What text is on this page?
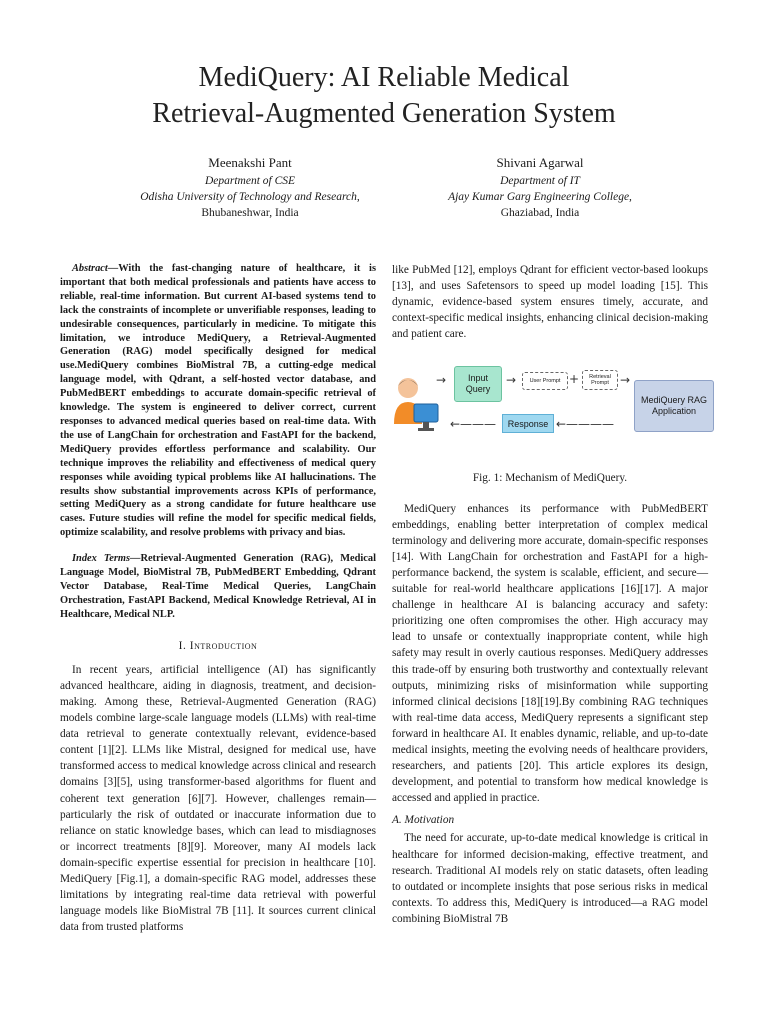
MediQuery: AI Reliable Medical
Retrieval-Augmented Generation System
Meenakshi Pant
Department of CSE
Odisha University of Technology and Research,
Bhubaneshwar, India
Shivani Agarwal
Department of IT
Ajay Kumar Garg Engineering College,
Ghaziabad, India

Abstract—With the fast-changing nature of healthcare, it is important that both medical professionals and patients have access to reliable, real-time information. But current AI-based systems tend to lack the constraints of incomplete or unverifiable responses, leading to undesirable consequences, particularly in medicine. To mitigate this limitation, we introduce MediQuery, a Retrieval-Augmented Generation (RAG) model specifically designed for medical use.MediQuery combines BioMistral 7B, a cutting-edge medical language model, with Qdrant, a self-hosted vector database, and PubMedBERT embeddings to accurate domain-specific retrieval of knowledge. The system is engineered to deliver correct, current responses to advanced medical queries based on real-time data. With the use of LangChain for orchestration and FastAPI for the backend, MediQuery provides effortless performance and scalability. Our technique improves the reliability and effectiveness of medical query responses while avoiding typical problems like AI hallucinations. The results show substantial improvements across KPIs of performance, setting MediQuery as a strong candidate for future healthcare use cases. Future studies will refine the model for specific medical fields, optimize scalability, and resolve problems with privacy and bias.

Index Terms—Retrieval-Augmented Generation (RAG), Medical Language Model, BioMistral 7B, PubMedBERT Embedding, Qdrant Vector Database, Real-Time Medical Queries, LangChain Orchestration, FastAPI Backend, Medical Knowledge Retrieval, AI in Healthcare, Medical NLP.

I. Introduction

In recent years, artificial intelligence (AI) has significantly advanced healthcare, aiding in diagnosis, treatment, and decision-making. Among these, Retrieval-Augmented Generation (RAG) models combine large-scale language models (LLMs) with real-time data retrieval to generate contextually relevant, evidence-based content [1][2]. LLMs like Mistral, designed for medical use, have transformed access to medical knowledge across clinical and research domains [3][5], using transformer-based algorithms for fluent and coherent text generation [6][7]. However, challenges remain—particularly the risk of outdated or inaccurate information due to reliance on static knowledge bases, which can lead to misdiagnoses or incorrect treatments [8][9]. Moreover, many AI models lack domain-specific expertise essential for precision in healthcare [10]. MediQuery [Fig.1], a domain-specific RAG model, addresses these limitations by integrating real-time data retrieval with powerful language models like BioMistral 7B [11]. It sources current clinical data from trusted platforms

like PubMed [12], employs Qdrant for efficient vector-based lookups [13], and uses Safetensors to speed up model loading [15]. This dynamic, evidence-based system ensures timely, accurate, and context-specific medical insights, enhancing clinical decision-making and patient care.

→	Input Query
→	User Prompt +	Retrieval Prompt →
MediQuery RAG Application
←———	Response ←————
Fig. 1: Mechanism of MediQuery.

MediQuery enhances its performance with PubMedBERT embeddings, enabling better interpretation of complex medical terminology and delivering more accurate, domain-specific responses [14]. With LangChain for orchestration and FastAPI for a high-performance backend, the system is scalable, efficient, and secure—suitable for real-world healthcare applications [16][17]. A major challenge in healthcare AI is balancing accuracy and safety: prioritizing one often compromises the other. High accuracy may lead to unsafe or contextually inappropriate content, while high safety may result in overly cautious responses. MediQuery addresses this trade-off by ensuring both trustworthy and contextually relevant outputs, minimizing risks of misinformation while supporting informed clinical decisions [18][19].By combining RAG techniques with real-time data access, MediQuery represents a significant step forward in healthcare AI. It enables dynamic, reliable, and up-to-date medical insights, meeting the evolving needs of healthcare providers, researchers, and patients [20]. This article explores its design, development, and potential to transform how medical knowledge is accessed and applied in practice.

A. Motivation

The need for accurate, up-to-date medical knowledge is critical in healthcare for informed decision-making, effective treatment, and research. Traditional AI models rely on static datasets, often leading to outdated or incomplete insights that pose serious risks in medical contexts. To address this, MediQuery is introduced—a RAG model combining BioMistral 7B
